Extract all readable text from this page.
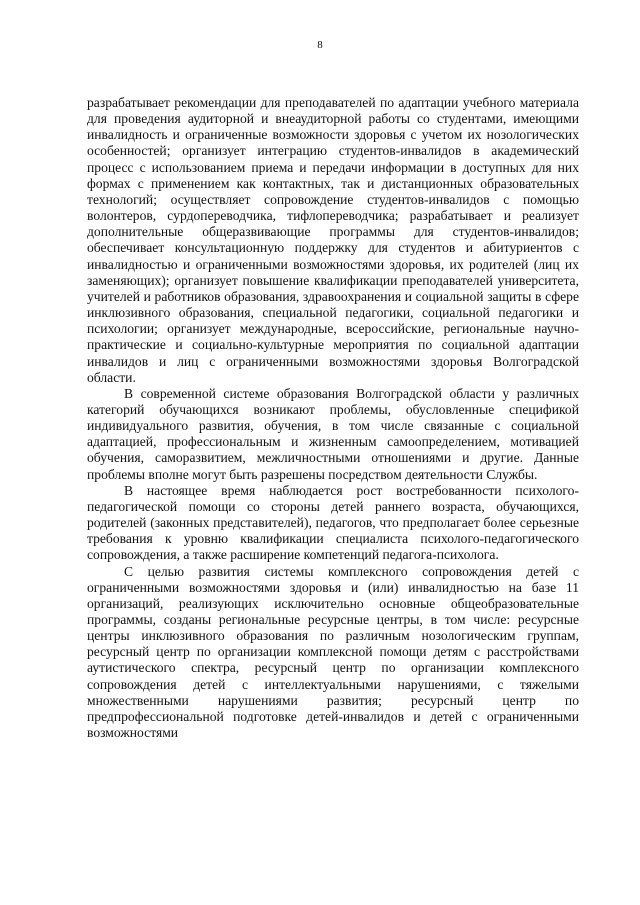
8

разрабатывает рекомендации для преподавателей по адаптации учебного материала для проведения аудиторной и внеаудиторной работы со студентами, имеющими инвалидность и ограниченные возможности здоровья с учетом их нозологических особенностей; организует интеграцию студентов-инвалидов в академический процесс с использованием приема и передачи информации в доступных для них формах с применением как контактных, так и дистанционных образовательных технологий; осуществляет сопровождение студентов-инвалидов с помощью волонтеров, сурдопереводчика, тифлопереводчика; разрабатывает и реализует дополнительные общеразвивающие программы для студентов-инвалидов; обеспечивает консультационную поддержку для студентов и абитуриентов с инвалидностью и ограниченными возможностями здоровья, их родителей (лиц их заменяющих); организует повышение квалификации преподавателей университета, учителей и работников образования, здравоохранения и социальной защиты в сфере инклюзивного образования, специальной педагогики, социальной педагогики и психологии; организует международные, всероссийские, региональные научно-практические и социально-культурные мероприятия по социальной адаптации инвалидов и лиц с ограниченными возможностями здоровья Волгоградской области.

В современной системе образования Волгоградской области у различных категорий обучающихся возникают проблемы, обусловленные спецификой индивидуального развития, обучения, в том числе связанные с социальной адаптацией, профессиональным и жизненным самоопределением, мотивацией обучения, саморазвитием, межличностными отношениями и другие. Данные проблемы вполне могут быть разрешены посредством деятельности Службы.

В настоящее время наблюдается рост востребованности психолого-педагогической помощи со стороны детей раннего возраста, обучающихся, родителей (законных представителей), педагогов, что предполагает более серьезные требования к уровню квалификации специалиста психолого-педагогического сопровождения, а также расширение компетенций педагога-психолога.

С целью развития системы комплексного сопровождения детей с ограниченными возможностями здоровья и (или) инвалидностью на базе 11 организаций, реализующих исключительно основные общеобразовательные программы, созданы региональные ресурсные центры, в том числе: ресурсные центры инклюзивного образования по различным нозологическим группам, ресурсный центр по организации комплексной помощи детям с расстройствами аутистического спектра, ресурсный центр по организации комплексного сопровождения детей с интеллектуальными нарушениями, с тяжелыми множественными нарушениями развития; ресурсный центр по предпрофессиональной подготовке детей-инвалидов и детей с ограниченными возможностями
